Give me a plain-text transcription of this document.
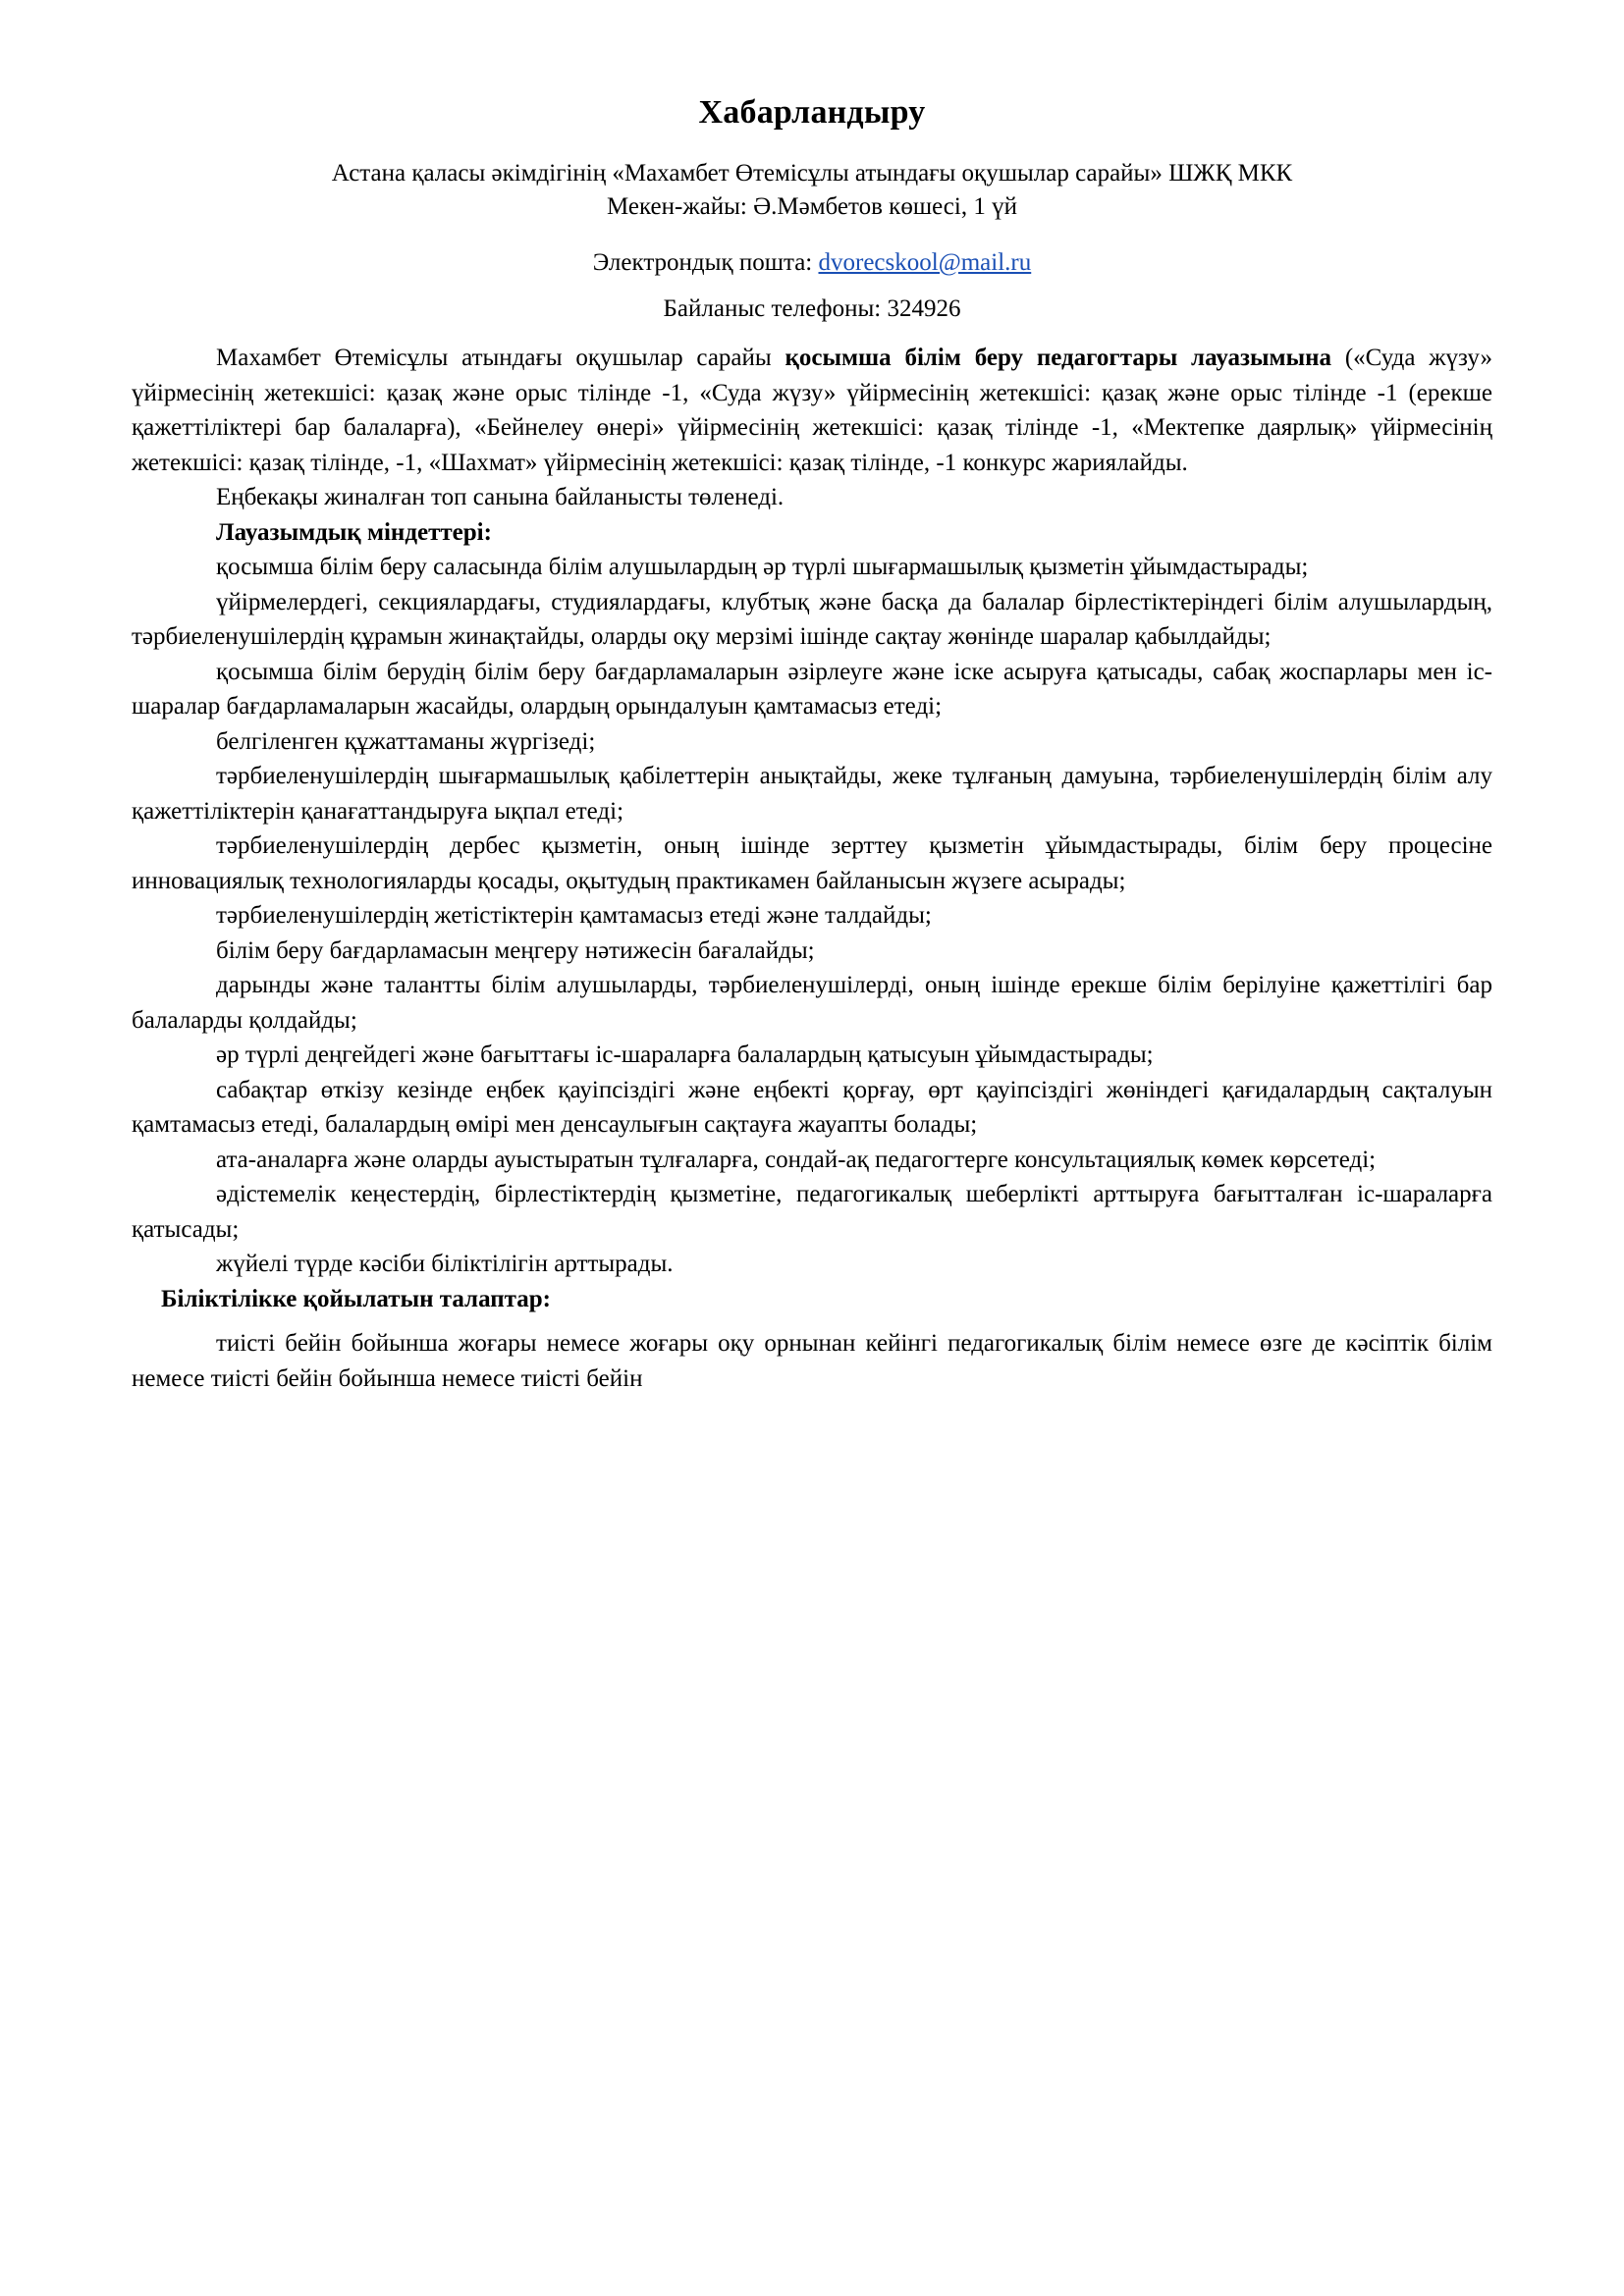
Хабарландыру
Астана қаласы әкімдігінің «Махамбет Өтемісұлы атындағы оқушылар сарайы» ШЖҚ МКК
Мекен-жайы: Ә.Мәмбетов көшесі, 1 үй
Электрондық пошта: dvorecskool@mail.ru
Байланыс телефоны: 324926

Махамбет Өтемісұлы атындағы оқушылар сарайы қосымша білім беру педагогтары лауазымына («Суда жүзу» үйірмесінің жетекшісі: қазақ және орыс тілінде -1, «Суда жүзу» үйірмесінің жетекшісі: қазақ және орыс тілінде -1 (ерекше қажеттіліктері бар балаларға), «Бейнелеу өнері» үйірмесінің жетекшісі: қазақ тілінде -1, «Мектепке даярлық» үйірмесінің жетекшісі: қазақ тілінде, -1, «Шахмат» үйірмесінің жетекшісі: қазақ тілінде, -1 конкурс жариялайды.

Еңбекақы жиналған топ санына байланысты төленеді.

Лауазымдық міндеттері:

қосымша білім беру саласында білім алушылардың әр түрлі шығармашылық қызметін ұйымдастырады;

үйірмелердегі, секциялардағы, студиялардағы, клубтық және басқа да балалар бірлестіктеріндегі білім алушылардың, тәрбиеленушілердің құрамын жинақтайды, оларды оқу мерзімі ішінде сақтау жөнінде шаралар қабылдайды;

қосымша білім берудің білім беру бағдарламаларын әзірлеуге және іске асыруға қатысады, сабақ жоспарлары мен іс-шаралар бағдарламаларын жасайды, олардың орындалуын қамтамасыз етеді;

белгіленген құжаттаманы жүргізеді;

тәрбиеленушілердің шығармашылық қабілеттерін анықтайды, жеке тұлғаның дамуына, тәрбиеленушілердің білім алу қажеттіліктерін қанағаттандыруға ықпал етеді;

тәрбиеленушілердің дербес қызметін, оның ішінде зерттеу қызметін ұйымдастырады, білім беру процесіне инновациялық технологияларды қосады, оқытудың практикамен байланысын жүзеге асырады;

тәрбиеленушілердің жетістіктерін қамтамасыз етеді және талдайды;

білім беру бағдарламасын меңгеру нәтижесін бағалайды;

дарынды және талантты білім алушыларды, тәрбиеленушілерді, оның ішінде ерекше білім берілуіне қажеттілігі бар балаларды қолдайды;

әр түрлі деңгейдегі және бағыттағы іс-шараларға балалардың қатысуын ұйымдастырады;

сабақтар өткізу кезінде еңбек қауіпсіздігі және еңбекті қорғау, өрт қауіпсіздігі жөніндегі қағидалардың сақталуын қамтамасыз етеді, балалардың өмірі мен денсаулығын сақтауға жауапты болады;

ата-аналарға және оларды ауыстыратын тұлғаларға, сондай-ақ педагогтерге консультациялық көмек көрсетеді;

әдістемелік кеңестердің, бірлестіктердің қызметіне, педагогикалық шеберлікті арттыруға бағытталған іс-шараларға қатысады;

жүйелі түрде кәсіби біліктілігін арттырады.

Біліктілікке қойылатын талаптар:

тиісті бейін бойынша жоғары немесе жоғары оқу орнынан кейінгі педагогикалық білім немесе өзге де кәсіптік білім немесе тиісті бейін бойынша немесе тиісті бейін
